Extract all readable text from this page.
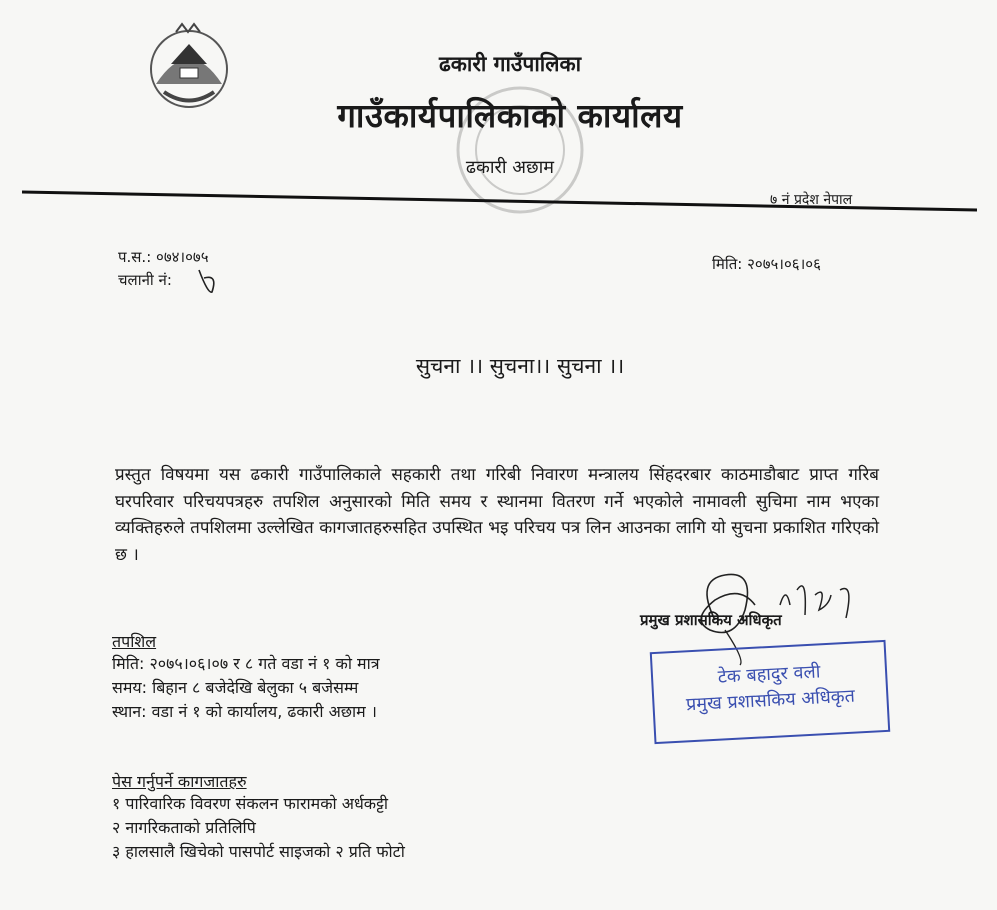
ढकारी गाउँपालिका
गाउँकार्यपालिकाको कार्यालय
ढकारी अछाम
७ नं प्रदेश नेपाल
प.स.: ०७४।०७५
चलानी नं:
मिति: २०७५।०६।०६
सुचना ।। सुचना।। सुचना ।।
प्रस्तुत विषयमा यस ढकारी गाउँपालिकाले सहकारी तथा गरिबी निवारण मन्त्रालय सिंहदरबार काठमाडौबाट प्राप्त गरिब घरपरिवार परिचयपत्रहरु तपशिल अनुसारको मिति समय र स्थानमा वितरण गर्ने भएकोले नामावली सुचिमा नाम भएका व्यक्तिहरुले तपशिलमा उल्लेखित कागजातहरुसहित उपस्थित भइ परिचय पत्र लिन आउनका लागि यो सुचना प्रकाशित गरिएको छ ।
प्रमुख प्रशासकिय अधिकृत
टेक बहादुर वली
प्रमुख प्रशासकिय अधिकृत
तपशिल
मिति: २०७५।०६।०७ र ८ गते वडा नं १ को मात्र
समय: बिहान ८ बजेदेखि बेलुका ५ बजेसम्म
स्थान: वडा नं १ को कार्यालय, ढकारी अछाम ।
पेस गर्नुपर्ने कागजातहरु
१ पारिवारिक विवरण संकलन फारामको अर्धकट्टी
२ नागरिकताको प्रतिलिपि
३ हालसालै खिचेको पासपोर्ट साइजको २ प्रति फोटो
